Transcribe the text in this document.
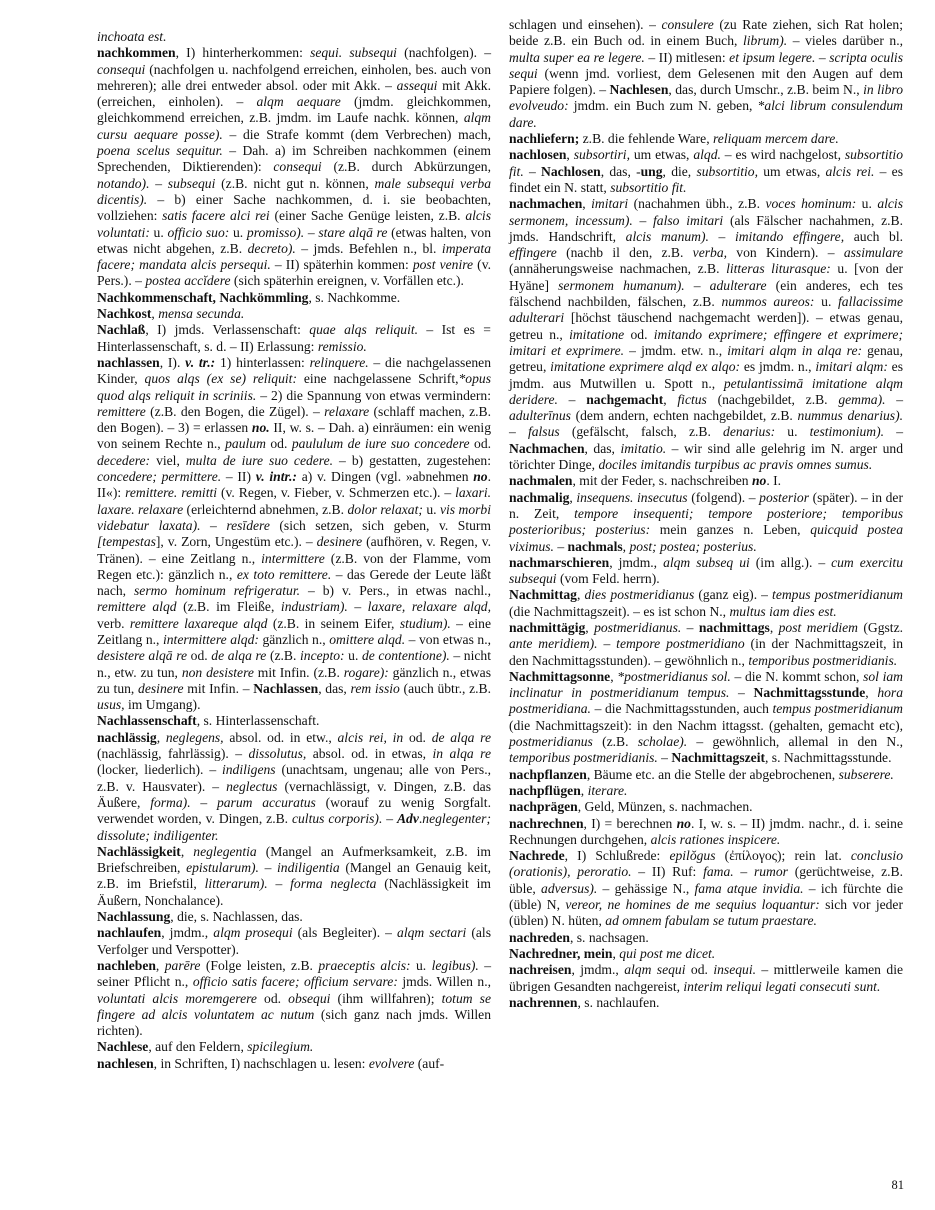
inchoata est.

nachkommen, I) hinterherkommen: sequi. subsequi (nachfolgen). – consequi (nachfolgen u. nachfolgend erreichen, einholen, bes. auch von mehreren); alle drei entweder absol. oder mit Akk. – assequi mit Akk. (erreichen, einholen). – alqm aequare (jmdm. gleichkommen, gleichkommend erreichen, z.B. jmdm. im Laufe nachk. können, alqm cursu aequare posse). – die Strafe kommt (dem Verbrechen) mach, poena scelus sequitur. – Dah. a) im Schreiben nachkommen (einem Sprechenden, Diktierenden): consequi (z.B. durch Abkürzungen, notando). – subsequi (z.B. nicht gut n. können, male subsequi verba dicentis). – b) einer Sache nachkommen, d. i. sie beobachten, vollziehen: satis facere alci rei (einer Sache Genüge leisten, z.B. alcis voluntati: u. officio suo: u. promisso). – stare alqā re (etwas halten, von etwas nicht abgehen, z.B. decreto). – jmds. Befehlen n., bl. imperata facere; mandata alcis persequi. – II) späterhin kommen: post venire (v. Pers.). – postea accĭdere (sich späterhin ereignen, v. Vorfällen etc.).

Nachkommenschaft, Nachkömmling, s. Nachkomme.

Nachkost, mensa secunda.

Nachlaß, I) jmds. Verlassenschaft: quae alqs reliquit. – Ist es = Hinterlassenschaft, s. d. – II) Erlassung: remissio.

nachlassen, I). v. tr.: 1) hinterlassen: relinquere. – die nachgelassenen Kinder, quos alqs (ex se) reliquit: eine nachgelassene Schrift,*opus quod alqs reliquit in scriniis. – 2) die Spannung von etwas vermindern: remittere (z.B. den Bogen, die Zügel). – relaxare (schlaff machen, z.B. den Bogen). – 3) = erlassen no. II, w. s. – Dah. a) einräumen: ein wenig von seinem Rechte n., paulum od. paululum de iure suo concedere od. decedere: viel, multa de iure suo cedere. – b) gestatten, zugestehen: concedere; permittere. – II) v. intr.: a) v. Dingen (vgl. »abnehmen no. II«): remittere. remitti (v. Regen, v. Fieber, v. Schmerzen etc.). – laxari. laxare. relaxare (erleichternd abnehmen, z.B. dolor relaxat; u. vis morbi videbatur laxata). – resīdere (sich setzen, sich geben, v. Sturm [tempestas], v. Zorn, Ungestüm etc.). – desinere (aufhören, v. Regen, v. Tränen). – eine Zeitlang n., intermittere (z.B. von der Flamme, vom Regen etc.): gänzlich n., ex toto remittere. – das Gerede der Leute läßt nach, sermo hominum refrigeratur. – b) v. Pers., in etwas nachl., remittere alqd (z.B. im Fleiße, industriam). – laxare, relaxare alqd, verb. remittere laxareque alqd (z.B. in seinem Eifer, studium). – eine Zeitlang n., intermittere alqd: gänzlich n., omittere alqd. – von etwas n., desistere alqā re od. de alqa re (z.B. incepto: u. de contentione). – nicht n., etw. zu tun, non desistere mit Infin. (z.B. rogare): gänzlich n., etwas zu tun, desinere mit Infin. – Nachlassen, das, rem issio (auch übtr., z.B. usus, im Umgang).

Nachlassenschaft, s. Hinterlassenschaft.

nachlässig, neglegens, absol. od. in etw., alcis rei, in od. de alqa re (nachlässig, fahrlässig). – dissolutus, absol. od. in etwas, in alqa re (locker, liederlich). – indiligens (unachtsam, ungenau; alle von Pers., z.B. v. Hausvater). – neglectus (vernachlässigt, v. Dingen, z.B. das Äußere, forma). – parum accuratus (worauf zu wenig Sorgfalt. verwendet worden, v. Dingen, z.B. cultus corporis). – Adv.neglegenter; dissolute; indiligenter.

Nachlässigkeit, neglegentia (Mangel an Aufmerksamkeit, z.B. im Briefschreiben, epistularum). – indiligentia (Mangel an Genauig keit, z.B. im Briefstil, litterarum). – forma neglecta (Nachlässigkeit im Äußern, Nonchalance).

Nachlassung, die, s. Nachlassen, das.

nachlaufen, jmdm., alqm prosequi (als Begleiter). – alqm sectari (als Verfolger und Verspotter).

nachleben, parēre (Folge leisten, z.B. praeceptis alcis: u. legibus). – seiner Pflicht n., officio satis facere; officium servare: jmds. Willen n., voluntati alcis moremgerere od. obsequi (ihm willfahren); totum se fingere ad alcis voluntatem ac nutum (sich ganz nach jmds. Willen richten).

Nachlese, auf den Feldern, spicilegium.

nachlesen, in Schriften, I) nachschlagen u. lesen: evolvere (auf-

schlagen und einsehen). – consulere (zu Rate ziehen, sich Rat holen; beide z.B. ein Buch od. in einem Buch, librum). – vieles darüber n., multa super ea re legere. – II) mitlesen: et ipsum legere. – scripta oculis sequi (wenn jmd. vorliest, dem Gelesenen mit den Augen auf dem Papiere folgen). – Nachlesen, das, durch Umschr., z.B. beim N., in libro evolveudo: jmdm. ein Buch zum N. geben, *alci librum consulendum dare.

nachliefern; z.B. die fehlende Ware, reliquam mercem dare.

nachlosen, subsortiri, um etwas, alqd. – es wird nachgelost, subsortitio fit. – Nachlosen, das, -ung, die, subsortitio, um etwas, alcis rei. – es findet ein N. statt, subsortitio fit.

nachmachen, imitari (nachahmen übh., z.B. voces hominum: u. alcis sermonem, incessum). – falso imitari (als Fälscher nachahmen, z.B. jmds. Handschrift, alcis manum). – imitando effingere, auch bl. effingere (nachb il den, z.B. verba, von Kindern). – assimulare (annäherungsweise nachmachen, z.B. litteras liturasque: u. [von der Hyäne] sermonem humanum). – adulterare (ein anderes, ech tes fälschend nachbilden, fälschen, z.B. nummos aureos: u. fallacissime adulterari [höchst täuschend nachgemacht werden]). – etwas genau, getreu n., imitatione od. imitando exprimere; effingere et exprimere; imitari et exprimere. – jmdm. etw. n., imitari alqm in alqa re: genau, getreu, imitatione exprimere alqd ex alqo: es jmdm. n., imitari alqm: es jmdm. aus Mutwillen u. Spott n., petulantissimā imitatione alqm deridere. – nachgemacht, fictus (nachgebildet, z.B. gemma). – adulterīnus (dem andern, echten nachgebildet, z.B. nummus denarius). – falsus (gefälscht, falsch, z.B. denarius: u. testimonium). – Nachmachen, das, imitatio. – wir sind alle gelehrig im N. arger und törichter Dinge, dociles imitandis turpibus ac pravis omnes sumus.

nachmalen, mit der Feder, s. nachschreiben no. I.

nachmalig, insequens. insecutus (folgend). – posterior (später). – in der n. Zeit, tempore insequenti; tempore posteriore; temporibus posterioribus; posterius: mein ganzes n. Leben, quicquid postea viximus. – nachmals, post; postea; posterius.

nachmarschieren, jmdm., alqm subseq ui (im allg.). – cum exercitu subsequi (vom Feld. herrn).

Nachmittag, dies postmeridianus (ganz eig). – tempus postmeridianum (die Nachmittagszeit). – es ist schon N., multus iam dies est.

nachmittägig, postmeridianus. – nachmittags, post meridiem (Ggstz. ante meridiem). – tempore postmeridiano (in der Nachmittagszeit, in den Nachmittagsstunden). – gewöhnlich n., temporibus postmeridianis.

Nachmittagsonne, *postmeridianus sol. – die N. kommt schon, sol iam inclinatur in postmeridianum tempus. – Nachmittagsstunde, hora postmeridiana. – die Nachmittagsstunden, auch tempus postmeridianum (die Nachmittagszeit): in den Nachm ittagsst. (gehalten, gemacht etc), postmeridianus (z.B. scholae). – gewöhnlich, allemal in den N., temporibus postmeridianis. – Nachmittagszeit, s. Nachmittagsstunde.

nachpflanzen, Bäume etc. an die Stelle der abgebrochenen, subserere.

nachpflügen, iterare.

nachprägen, Geld, Münzen, s. nachmachen.

nachrechnen, I) = berechnen no. I, w. s. – II) jmdm. nachr., d. i. seine Rechnungen durchgehen, alcis rationes inspicere.

Nachrede, I) Schlußrede: epilŏgus (ἐπίλογος); rein lat. conclusio (orationis), peroratio. – II) Ruf: fama. – rumor (gerüchtweise, z.B. üble, adversus). – gehässige N., fama atque invidia. – ich fürchte die (üble) N, vereor, ne homines de me sequius loquantur: sich vor jeder (üblen) N. hüten, ad omnem fabulam se tutum praestare.

nachreden, s. nachsagen.

Nachredner, mein, qui post me dicet.

nachreisen, jmdm., alqm sequi od. insequi. – mittlerweile kamen die übrigen Gesandten nachgereist, interim reliqui legati consecuti sunt.

nachrennen, s. nachlaufen.

81
